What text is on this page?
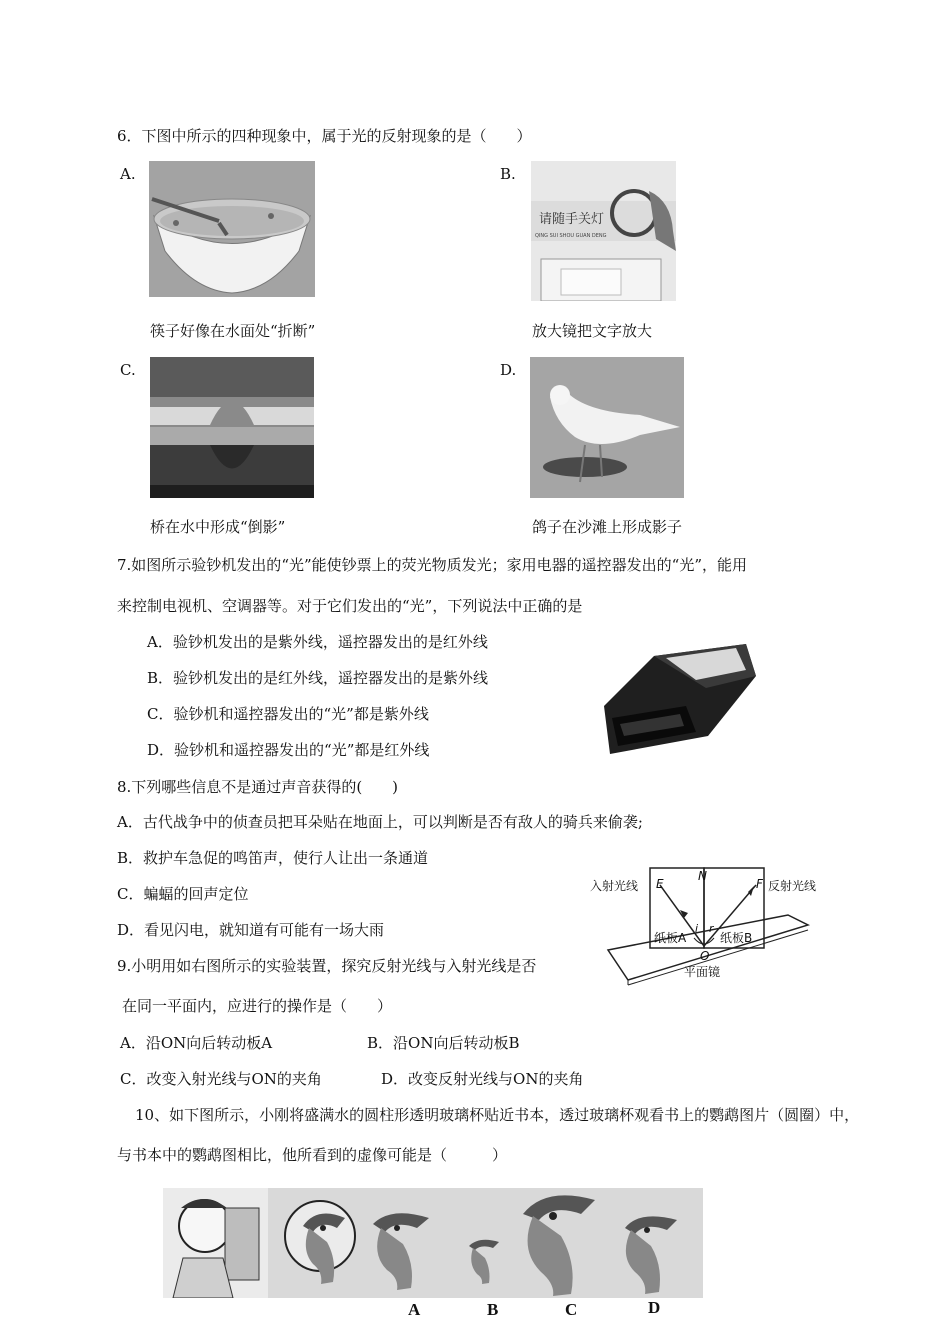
6．下图中所示的四种现象中，属于光的反射现象的是（　　）
A.
筷子好像在水面处“折断”
B.
请随手关灯
QING SUI SHOU GUAN DENG
放大镜把文字放大
C.
桥在水中形成“倒影”
D.
鸽子在沙滩上形成影子
7.如图所示验钞机发出的“光”能使钞票上的荧光物质发光；家用电器的遥控器发出的“光”，能用
来控制电视机、空调器等。对于它们发出的“光”，下列说法中正确的是
A．验钞机发出的是紫外线，遥控器发出的是红外线
B．验钞机发出的是红外线，遥控器发出的是紫外线
C．验钞机和遥控器发出的“光”都是紫外线
D．验钞机和遥控器发出的“光”都是红外线
8.下列哪些信息不是通过声音获得的(　　)
A．古代战争中的侦查员把耳朵贴在地面上，可以判断是否有敌人的骑兵来偷袭;
B．救护车急促的鸣笛声，使行人让出一条通道
C．蝙蝠的回声定位
D．看见闪电，就知道有可能有一场大雨
9.小明用如右图所示的实验装置，探究反射光线与入射光线是否
在同一平面内，应进行的操作是（　　）
A．沿ON向后转动板A	B．沿ON向后转动板B
C．改变入射光线与ON的夹角	D．改变反射光线与ON的夹角
入射光线	反射光线
E
N
F
i r
O
纸板A	纸板B
平面镜
10、如下图所示，小刚将盛满水的圆柱形透明玻璃杯贴近书本，透过玻璃杯观看书上的鹦鹉图片（圆圈）中，
与书本中的鹦鹉图相比，他所看到的虚像可能是（　　　）
A	B	C	D
